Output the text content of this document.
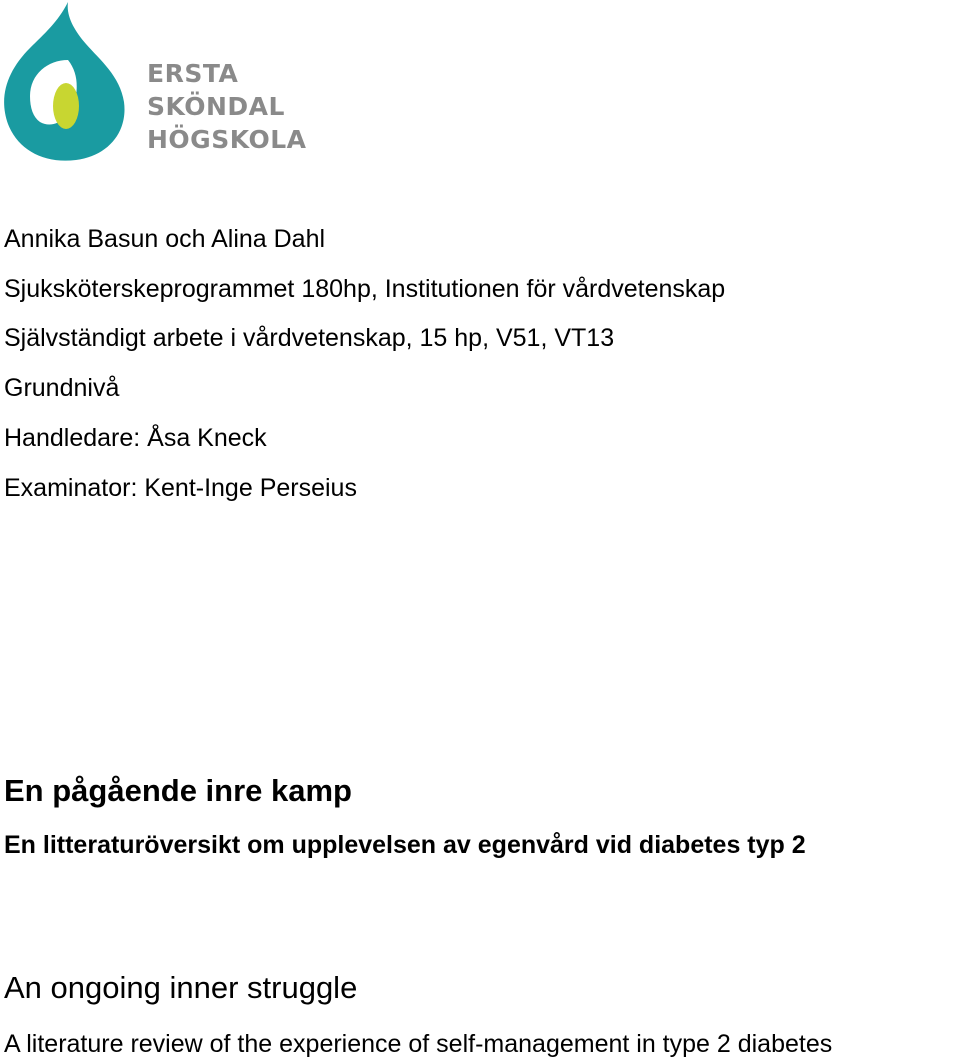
ERSTA
SKÖNDAL
HÖGSKOLA
Annika Basun och Alina Dahl
Sjuksköterskeprogrammet 180hp, Institutionen för vårdvetenskap
Självständigt arbete i vårdvetenskap, 15 hp, V51, VT13
Grundnivå
Handledare: Åsa Kneck
Examinator: Kent-Inge Perseius
En pågående inre kamp
En litteraturöversikt om upplevelsen av egenvård vid diabetes typ 2
An ongoing inner struggle
A literature review of the experience of self-management in type 2 diabetes
